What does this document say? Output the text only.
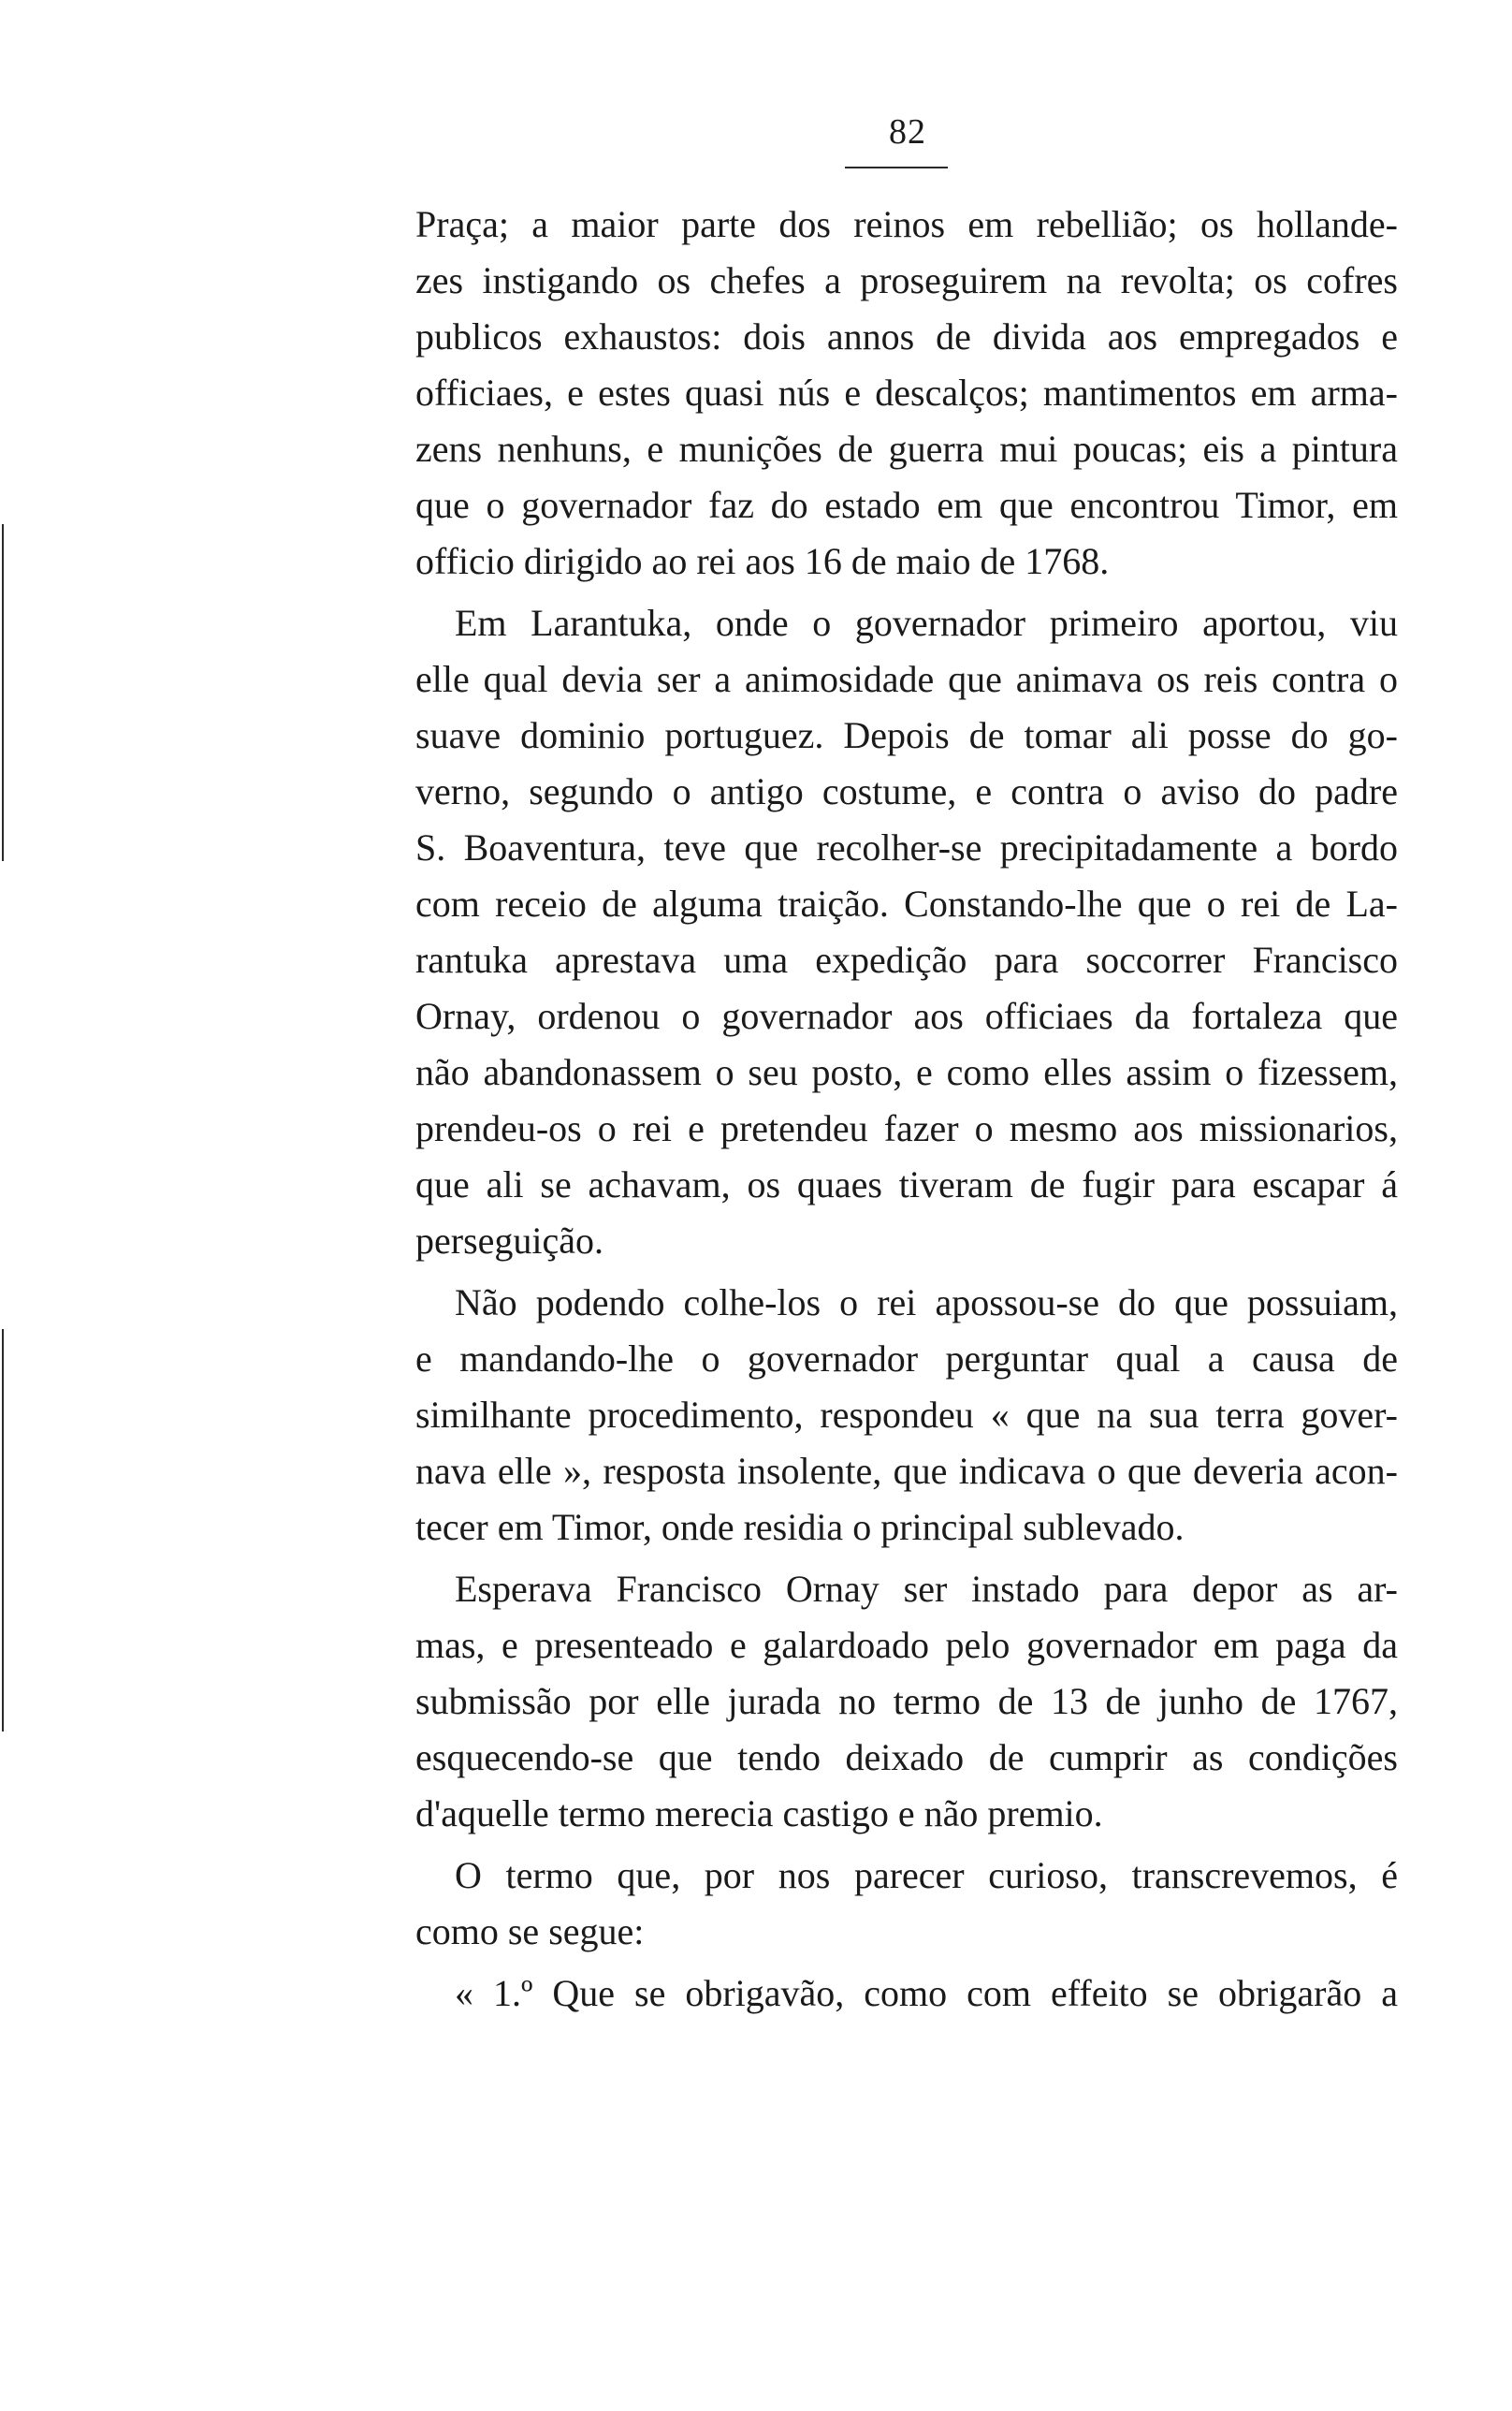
82
Praça; a maior parte dos reinos em rebellião; os hollande-
zes instigando os chefes a proseguirem na revolta; os cofres
publicos exhaustos: dois annos de divida aos empregados e
officiaes, e estes quasi nús e descalços; mantimentos em arma-
zens nenhuns, e munições de guerra mui poucas; eis a pintura
que o governador faz do estado em que encontrou Timor, em
officio dirigido ao rei aos 16 de maio de 1768.
Em Larantuka, onde o governador primeiro aportou, viu
elle qual devia ser a animosidade que animava os reis contra o
suave dominio portuguez. Depois de tomar ali posse do go-
verno, segundo o antigo costume, e contra o aviso do padre
S. Boaventura, teve que recolher-se precipitadamente a bordo
com receio de alguma traição. Constando-lhe que o rei de La-
rantuka aprestava uma expedição para soccorrer Francisco
Ornay, ordenou o governador aos officiaes da fortaleza que
não abandonassem o seu posto, e como elles assim o fizessem,
prendeu-os o rei e pretendeu fazer o mesmo aos missionarios,
que ali se achavam, os quaes tiveram de fugir para escapar á
perseguição.
Não podendo colhe-los o rei apossou-se do que possuiam,
e mandando-lhe o governador perguntar qual a causa de
similhante procedimento, respondeu « que na sua terra gover-
nava elle », resposta insolente, que indicava o que deveria acon-
tecer em Timor, onde residia o principal sublevado.
Esperava Francisco Ornay ser instado para depor as ar-
mas, e presenteado e galardoado pelo governador em paga da
submissão por elle jurada no termo de 13 de junho de 1767,
esquecendo-se que tendo deixado de cumprir as condições
d'aquelle termo merecia castigo e não premio.
O termo que, por nos parecer curioso, transcrevemos, é
como se segue:
« 1.º Que se obrigavão, como com effeito se obrigarão a
